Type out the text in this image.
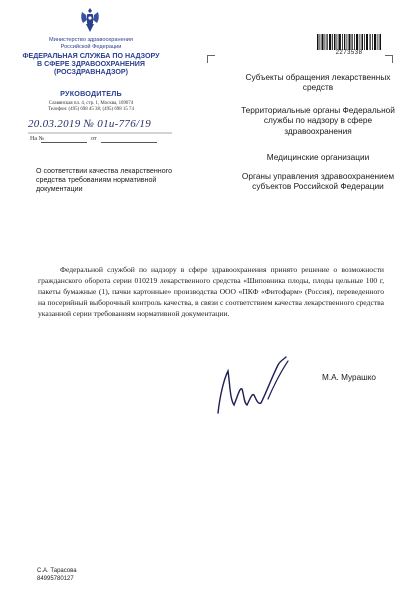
Министерство здравоохранения
Российской Федерации
ФЕДЕРАЛЬНАЯ СЛУЖБА ПО НАДЗОРУ
В СФЕРЕ ЗДРАВООХРАНЕНИЯ
(РОСЗДРАВНАДЗОР)
РУКОВОДИТЕЛЬ
Славянская пл. 4, стр. 1, Москва, 109074
Телефон: (495) 698 45 38; (495) 698 15 74
20.03.2019 № 01и-776/19
На №	от
О соответствии качества лекарственного средства требованиям нормативной документации
2273538
Субъекты обращения лекарственных средств
Территориальные органы Федеральной службы по надзору в сфере здравоохранения
Медицинские организации
Органы управления здравоохранением субъектов Российской Федерации
Федеральной службой по надзору в сфере здравоохранения принято решение о возможности гражданского оборота серии 010219 лекарственного средства «Шиповника плоды, плоды цельные 100 г, пакеты бумажные (1), пачки картонные» производства ООО «ПКФ «Фитофарм» (Россия), переведенного на посерийный выборочный контроль качества, в связи с соответствием качества лекарственного средства указанной серии требованиям нормативной документации.
М.А. Мурашко
С.А. Тарасова
84995780127
